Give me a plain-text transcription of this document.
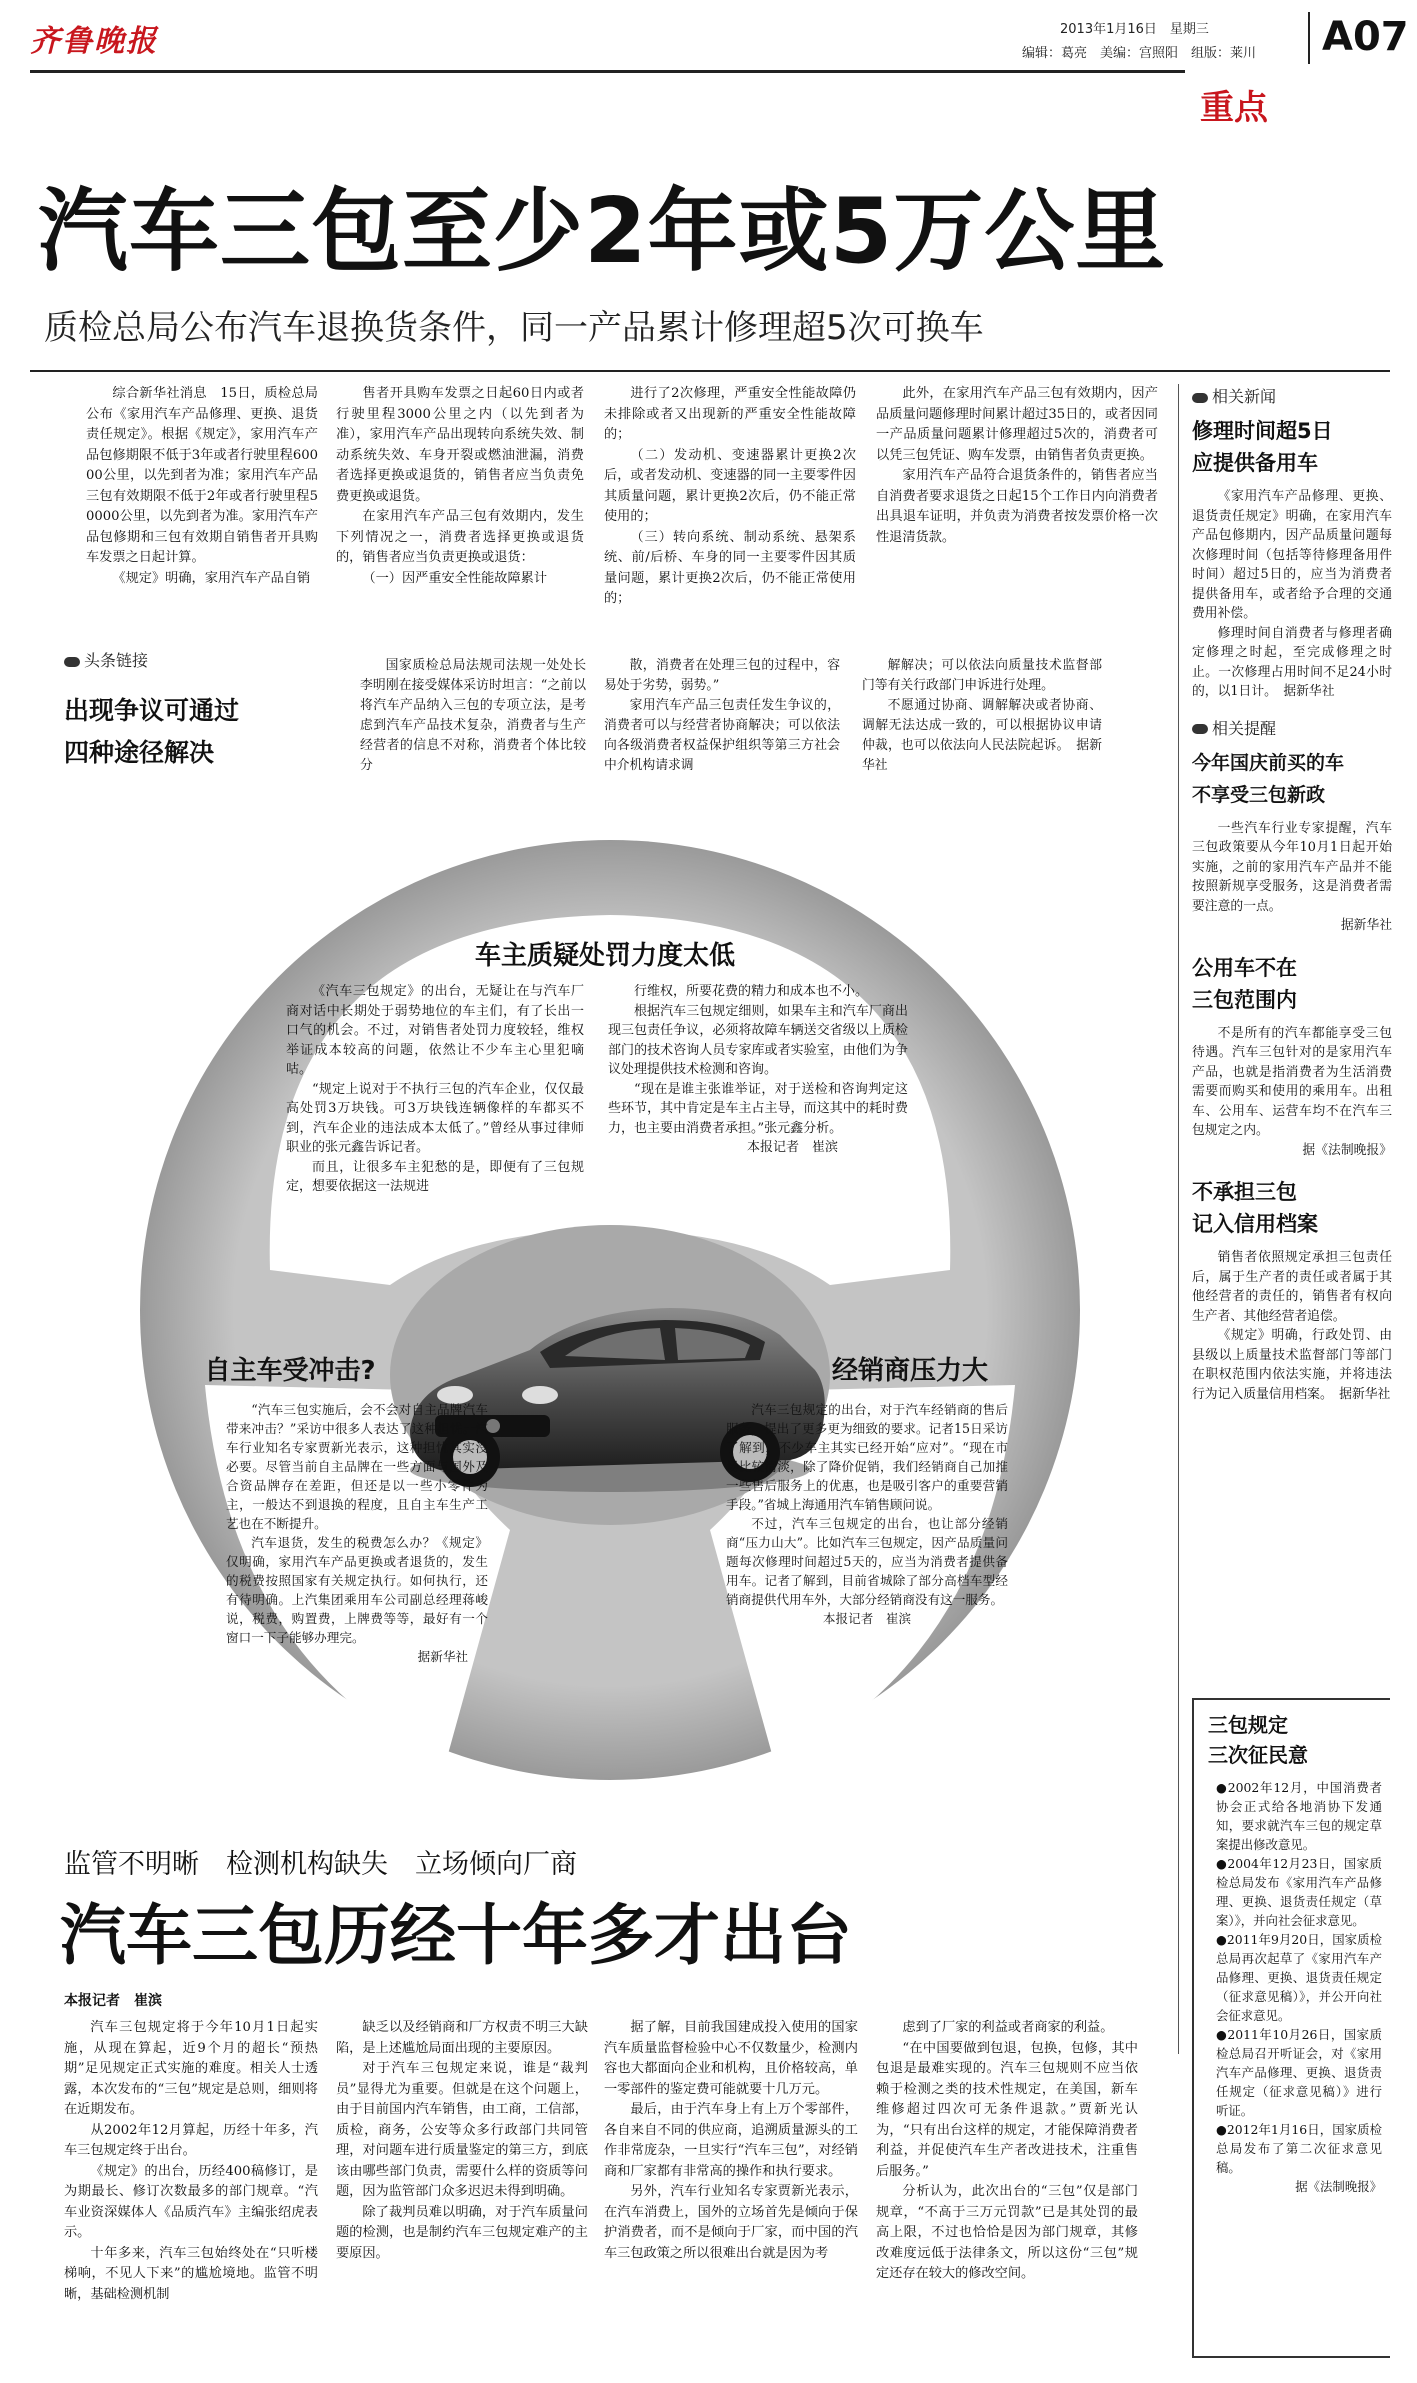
齐鲁晚报	2013年1月16日　星期三
编辑：葛亮　美编：宫照阳　组版：莱川 A07
重点
汽车三包至少2年或5万公里
质检总局公布汽车退换货条件，同一产品累计修理超5次可换车

综合新华社消息　15日，质检总局公布《家用汽车产品修理、更换、退货责任规定》。根据《规定》，家用汽车产品包修期限不低于3年或者行驶里程60000公里，以先到者为准；家用汽车产品三包有效期限不低于2年或者行驶里程50000公里，以先到者为准。家用汽车产品包修期和三包有效期自销售者开具购车发票之日起计算。

《规定》明确，家用汽车产品自销

售者开具购车发票之日起60日内或者行驶里程3000公里之内（以先到者为准），家用汽车产品出现转向系统失效、制动系统失效、车身开裂或燃油泄漏，消费者选择更换或退货的，销售者应当负责免费更换或退货。

在家用汽车产品三包有效期内，发生下列情况之一，消费者选择更换或退货的，销售者应当负责更换或退货：

（一）因严重安全性能故障累计

进行了2次修理，严重安全性能故障仍未排除或者又出现新的严重安全性能故障的；

（二）发动机、变速器累计更换2次后，或者发动机、变速器的同一主要零件因其质量问题，累计更换2次后，仍不能正常使用的；

（三）转向系统、制动系统、悬架系统、前/后桥、车身的同一主要零件因其质量问题，累计更换2次后，仍不能正常使用的；

此外，在家用汽车产品三包有效期内，因产品质量问题修理时间累计超过35日的，或者因同一产品质量问题累计修理超过5次的，消费者可以凭三包凭证、购车发票，由销售者负责更换。

家用汽车产品符合退货条件的，销售者应当自消费者要求退货之日起15个工作日内向消费者出具退车证明，并负责为消费者按发票价格一次性退清货款。

头条链接
出现争议可通过
四种途径解决

国家质检总局法规司法规一处处长李明刚在接受媒体采访时坦言：“之前以将汽车产品纳入三包的专项立法，是考虑到汽车产品技术复杂，消费者与生产经营者的信息不对称，消费者个体比较分

散，消费者在处理三包的过程中，容易处于劣势，弱势。”

家用汽车产品三包责任发生争议的，消费者可以与经营者协商解决；可以依法向各级消费者权益保护组织等第三方社会中介机构请求调

解解决；可以依法向质量技术监督部门等有关行政部门申诉进行处理。

不愿通过协商、调解解决或者协商、调解无法达成一致的，可以根据协议申请仲裁，也可以依法向人民法院起诉。　据新华社

车主质疑处罚力度太低

《汽车三包规定》的出台，无疑让在与汽车厂商对话中长期处于弱势地位的车主们，有了长出一口气的机会。不过，对销售者处罚力度较轻，维权举证成本较高的问题，依然让不少车主心里犯嘀咕。

“规定上说对于不执行三包的汽车企业，仅仅最高处罚3万块钱。可3万块钱连辆像样的车都买不到，汽车企业的违法成本太低了。”曾经从事过律师职业的张元鑫告诉记者。

而且，让很多车主犯愁的是，即便有了三包规定，想要依据这一法规进

行维权，所要花费的精力和成本也不小。

根据汽车三包规定细则，如果车主和汽车厂商出现三包责任争议，必须将故障车辆送交省级以上质检部门的技术咨询人员专家库或者实验室，由他们为争议处理提供技术检测和咨询。

“现在是谁主张谁举证，对于送检和咨询判定这些环节，其中肯定是车主占主导，而这其中的耗时费力，也主要由消费者承担。”张元鑫分析。

本报记者　崔滨

自主车受冲击?

“汽车三包实施后，会不会对自主品牌汽车带来冲击？”采访中很多人表达了这种担忧。汽车行业知名专家贾新光表示，这种担忧其实没必要。尽管当前自主品牌在一些方面与国外及合资品牌存在差距，但还是以一些小零件为主，一般达不到退换的程度，且自主车生产工艺也在不断提升。

汽车退货，发生的税费怎么办？《规定》仅明确，家用汽车产品更换或者退货的，发生的税费按照国家有关规定执行。如何执行，还有待明确。上汽集团乘用车公司副总经理蒋峻说，税费，购置费，上牌费等等，最好有一个窗口一下子能够办理完。

据新华社

经销商压力大

汽车三包规定的出台，对于汽车经销商的售后服务，提出了更多更为细致的要求。记者15日采访了解到，不少车主其实已经开始“应对”。“现在市场比较清淡，除了降价促销，我们经销商自己加推一些售后服务上的优惠，也是吸引客户的重要营销手段。”省城上海通用汽车销售顾问说。

不过，汽车三包规定的出台，也让部分经销商“压力山大”。比如汽车三包规定，因产品质量问题每次修理时间超过5天的，应当为消费者提供备用车。记者了解到，目前省城除了部分高档车型经销商提供代用车外，大部分经销商没有这一服务。

本报记者　崔滨

监管不明晰　检测机构缺失　立场倾向厂商
汽车三包历经十年多才出台
本报记者　崔滨

汽车三包规定将于今年10月1日起实施，从现在算起，近9个月的超长“预热期”足见规定正式实施的难度。相关人士透露，本次发布的“三包”规定是总则，细则将在近期发布。

从2002年12月算起，历经十年多，汽车三包规定终于出台。

《规定》的出台，历经400稿修订，是为期最长、修订次数最多的部门规章。“汽车业资深媒体人《品质汽车》主编张绍虎表示。

十年多来，汽车三包始终处在“只听楼梯响，不见人下来”的尴尬境地。监管不明晰，基础检测机制

缺乏以及经销商和厂方权责不明三大缺陷，是上述尴尬局面出现的主要原因。

对于汽车三包规定来说，谁是“裁判员”显得尤为重要。但就是在这个问题上，由于目前国内汽车销售，由工商，工信部，质检，商务，公安等众多行政部门共同管理，对问题车进行质量鉴定的第三方，到底该由哪些部门负责，需要什么样的资质等问题，因为监管部门众多迟迟未得到明确。

除了裁判员难以明确，对于汽车质量问题的检测，也是制约汽车三包规定难产的主要原因。

据了解，目前我国建成投入使用的国家汽车质量监督检验中心不仅数量少，检测内容也大都面向企业和机构，且价格较高，单一零部件的鉴定费可能就要十几万元。

最后，由于汽车身上有上万个零部件，各自来自不同的供应商，追溯质量源头的工作非常庞杂，一旦实行“汽车三包”，对经销商和厂家都有非常高的操作和执行要求。

另外，汽车行业知名专家贾新光表示，在汽车消费上，国外的立场首先是倾向于保护消费者，而不是倾向于厂家，而中国的汽车三包政策之所以很难出台就是因为考

虑到了厂家的利益或者商家的利益。

“在中国要做到包退，包换，包修，其中包退是最难实现的。汽车三包规则不应当依赖于检测之类的技术性规定，在美国，新车维修超过四次可无条件退款。”贾新光认为，“只有出台这样的规定，才能保障消费者利益，并促使汽车生产者改进技术，注重售后服务。”

分析认为，此次出台的“三包”仅是部门规章，“不高于三万元罚款”已是其处罚的最高上限，不过也恰恰是因为部门规章，其修改难度远低于法律条文，所以这份“三包”规定还存在较大的修改空间。

相关新闻
修理时间超5日
应提供备用车

《家用汽车产品修理、更换、退货责任规定》明确，在家用汽车产品包修期内，因产品质量问题每次修理时间（包括等待修理备用件时间）超过5日的，应当为消费者提供备用车，或者给予合理的交通费用补偿。

修理时间自消费者与修理者确定修理之时起，至完成修理之时止。一次修理占用时间不足24小时的，以1日计。　据新华社

相关提醒
今年国庆前买的车
不享受三包新政

一些汽车行业专家提醒，汽车三包政策要从今年10月1日起开始实施，之前的家用汽车产品并不能按照新规享受服务，这是消费者需要注意的一点。

据新华社

公用车不在
三包范围内

不是所有的汽车都能享受三包待遇。汽车三包针对的是家用汽车产品，也就是指消费者为生活消费需要而购买和使用的乘用车。出租车、公用车、运营车均不在汽车三包规定之内。

据《法制晚报》

不承担三包
记入信用档案

销售者依照规定承担三包责任后，属于生产者的责任或者属于其他经营者的责任的，销售者有权向生产者、其他经营者追偿。

《规定》明确，行政处罚、由县级以上质量技术监督部门等部门在职权范围内依法实施，并将违法行为记入质量信用档案。　据新华社

三包规定
三次征民意

●2002年12月，中国消费者协会正式给各地消协下发通知，要求就汽车三包的规定草案提出修改意见。

●2004年12月23日，国家质检总局发布《家用汽车产品修理、更换、退货责任规定（草案）》，并向社会征求意见。

●2011年9月20日，国家质检总局再次起草了《家用汽车产品修理、更换、退货责任规定（征求意见稿）》，并公开向社会征求意见。

●2011年10月26日，国家质检总局召开听证会，对《家用汽车产品修理、更换、退货责任规定（征求意见稿）》进行听证。

●2012年1月16日，国家质检总局发布了第二次征求意见稿。

据《法制晚报》
